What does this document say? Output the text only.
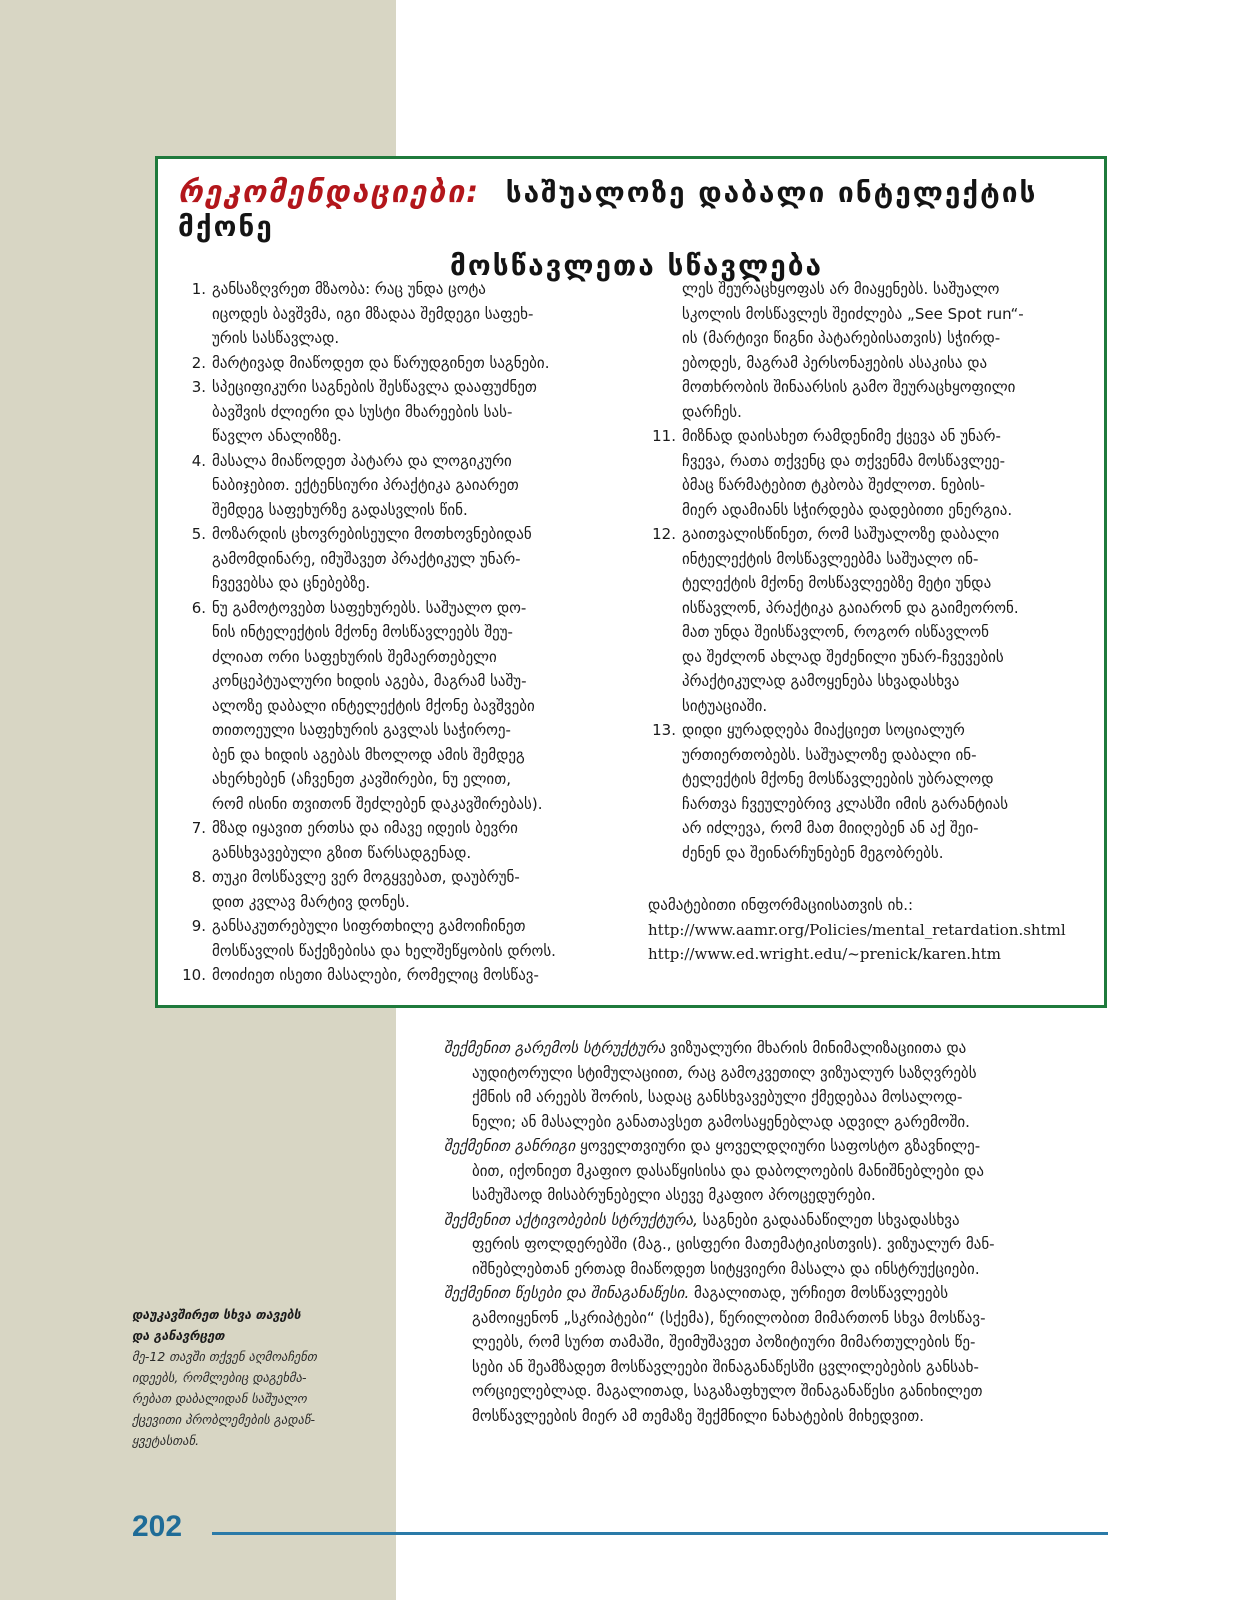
რეკომენდაციები: საშუალოზე დაბალი ინტელექტის მქონე
მოსწავლეთა სწავლება
1. განსაზღვრეთ მზაობა: რაც უნდა ცოტა
იცოდეს ბავშვმა, იგი მზადაა შემდეგი საფეხ-
ურის სასწავლად.
2. მარტივად მიაწოდეთ და წარუდგინეთ საგნები.
3. სპეციფიკური საგნების შესწავლა დააფუძნეთ
ბავშვის ძლიერი და სუსტი მხარეების სას-
წავლო ანალიზზე.
4. მასალა მიაწოდეთ პატარა და ლოგიკური
ნაბიჯებით. ექტენსიური პრაქტიკა გაიარეთ
შემდეგ საფეხურზე გადასვლის წინ.
5. მოზარდის ცხოვრებისეული მოთხოვნებიდან
გამომდინარე, იმუშავეთ პრაქტიკულ უნარ-
ჩვევებსა და ცნებებზე.
6. ნუ გამოტოვებთ საფეხურებს. საშუალო დო-
ნის ინტელექტის მქონე მოსწავლეებს შეუ-
ძლიათ ორი საფეხურის შემაერთებელი
კონცეპტუალური ხიდის აგება, მაგრამ საშუ-
ალოზე დაბალი ინტელექტის მქონე ბავშვები
თითოეული საფეხურის გავლას საჭიროე-
ბენ და ხიდის აგებას მხოლოდ ამის შემდეგ
ახერხებენ (აჩვენეთ კავშირები, ნუ ელით,
რომ ისინი თვითონ შეძლებენ დაკავშირებას).
7. მზად იყავით ერთსა და იმავე იდეის ბევრი
განსხვავებული გზით წარსადგენად.
8. თუკი მოსწავლე ვერ მოგყვებათ, დაუბრუნ-
დით კვლავ მარტივ დონეს.
9. განსაკუთრებული სიფრთხილე გამოიჩინეთ
მოსწავლის წაქეზებისა და ხელშეწყობის დროს.
10. მოიძიეთ ისეთი მასალები, რომელიც მოსწავ-
ლეს შეურაცხყოფას არ მიაყენებს. საშუალო
სკოლის მოსწავლეს შეიძლება „See Spot run“-
ის (მარტივი წიგნი პატარებისათვის) სჭირდ-
ებოდეს, მაგრამ პერსონაჟების ასაკისა და
მოთხრობის შინაარსის გამო შეურაცხყოფილი
დარჩეს.
11. მიზნად დაისახეთ რამდენიმე ქცევა ან უნარ-
ჩვევა, რათა თქვენც და თქვენმა მოსწავლეე-
ბმაც წარმატებით ტკბობა შეძლოთ. ნების-
მიერ ადამიანს სჭირდება დადებითი ენერგია.
12. გაითვალისწინეთ, რომ საშუალოზე დაბალი
ინტელექტის მოსწავლეებმა საშუალო ინ-
ტელექტის მქონე მოსწავლეებზე მეტი უნდა
ისწავლონ, პრაქტიკა გაიარონ და გაიმეორონ.
მათ უნდა შეისწავლონ, როგორ ისწავლონ
და შეძლონ ახლად შეძენილი უნარ-ჩვევების
პრაქტიკულად გამოყენება სხვადასხვა
სიტუაციაში.
13. დიდი ყურადღება მიაქციეთ სოციალურ
ურთიერთობებს. საშუალოზე დაბალი ინ-
ტელექტის მქონე მოსწავლეების უბრალოდ
ჩართვა ჩვეულებრივ კლასში იმის გარანტიას
არ იძლევა, რომ მათ მიიღებენ ან აქ შეი-
ძენენ და შეინარჩუნებენ მეგობრებს.
დამატებითი ინფორმაციისათვის იხ.:
http://www.aamr.org/Policies/mental_retardation.shtml
http://www.ed.wright.edu/~prenick/karen.htm
შექმენით გარემოს სტრუქტურა ვიზუალური მხარის მინიმალიზაციითა და
აუდიტორული სტიმულაციით, რაც გამოკვეთილ ვიზუალურ საზღვრებს
ქმნის იმ არეებს შორის, სადაც განსხვავებული ქმედებაა მოსალოდ-
ნელი; ან მასალები განათავსეთ გამოსაყენებლად ადვილ გარემოში.
შექმენით განრიგი ყოველთვიური და ყოველდღიური საფოსტო გზავნილე-
ბით, იქონიეთ მკაფიო დასაწყისისა და დაბოლოების მანიშნებლები და
სამუშაოდ მისაბრუნებელი ასევე მკაფიო პროცედურები.
შექმენით აქტივობების სტრუქტურა, საგნები გადაანაწილეთ სხვადასხვა
ფერის ფოლდერებში (მაგ., ცისფერი მათემატიკისთვის). ვიზუალურ მან-
იშნებლებთან ერთად მიაწოდეთ სიტყვიერი მასალა და ინსტრუქციები.
შექმენით წესები და შინაგანაწესი. მაგალითად, ურჩიეთ მოსწავლეებს
გამოიყენონ „სკრიპტები“ (სქემა), წერილობით მიმართონ სხვა მოსწავ-
ლეებს, რომ სურთ თამაში, შეიმუშავეთ პოზიტიური მიმართულების წე-
სები ან შეამზადეთ მოსწავლეები შინაგანაწესში ცვლილებების განსახ-
ორციელებლად. მაგალითად, საგაზაფხულო შინაგანაწესი განიხილეთ
მოსწავლეების მიერ ამ თემაზე შექმნილი ნახატების მიხედვით.
დაუკავშირეთ სხვა თავებს
და განავრცეთ
მე-12 თავში თქვენ აღმოაჩენთ
იდეებს, რომლებიც დაგეხმა-
რებათ დაბალიდან საშუალო
ქცევითი პრობლემების გადაწ-
ყვეტასთან.
202
